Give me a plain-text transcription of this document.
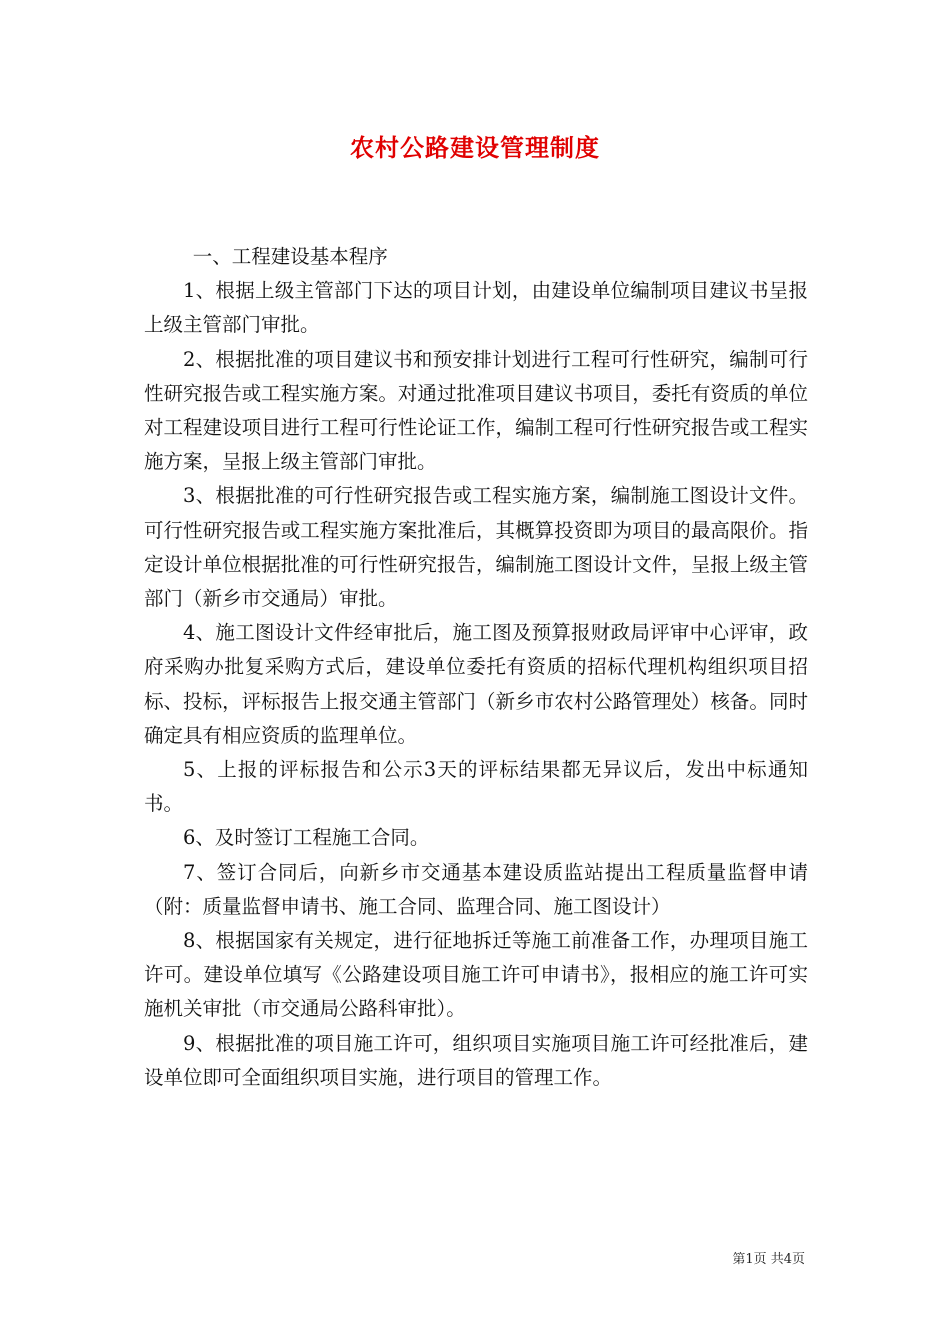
农村公路建设管理制度

一、工程建设基本程序

1、根据上级主管部门下达的项目计划，由建设单位编制项目建议书呈报上级主管部门审批。

2、根据批准的项目建议书和预安排计划进行工程可行性研究，编制可行性研究报告或工程实施方案。对通过批准项目建议书项目，委托有资质的单位对工程建设项目进行工程可行性论证工作，编制工程可行性研究报告或工程实施方案，呈报上级主管部门审批。

3、根据批准的可行性研究报告或工程实施方案，编制施工图设计文件。可行性研究报告或工程实施方案批准后，其概算投资即为项目的最高限价。指定设计单位根据批准的可行性研究报告，编制施工图设计文件，呈报上级主管部门（新乡市交通局）审批。

4、施工图设计文件经审批后，施工图及预算报财政局评审中心评审，政府采购办批复采购方式后，建设单位委托有资质的招标代理机构组织项目招标、投标，评标报告上报交通主管部门（新乡市农村公路管理处）核备。同时确定具有相应资质的监理单位。

5、上报的评标报告和公示3天的评标结果都无异议后，发出中标通知书。

6、及时签订工程施工合同。

7、签订合同后，向新乡市交通基本建设质监站提出工程质量监督申请（附：质量监督申请书、施工合同、监理合同、施工图设计）

8、根据国家有关规定，进行征地拆迁等施工前准备工作，办理项目施工许可。建设单位填写《公路建设项目施工许可申请书》，报相应的施工许可实施机关审批（市交通局公路科审批）。

9、根据批准的项目施工许可，组织项目实施项目施工许可经批准后，建设单位即可全面组织项目实施，进行项目的管理工作。

第1页 共4页
